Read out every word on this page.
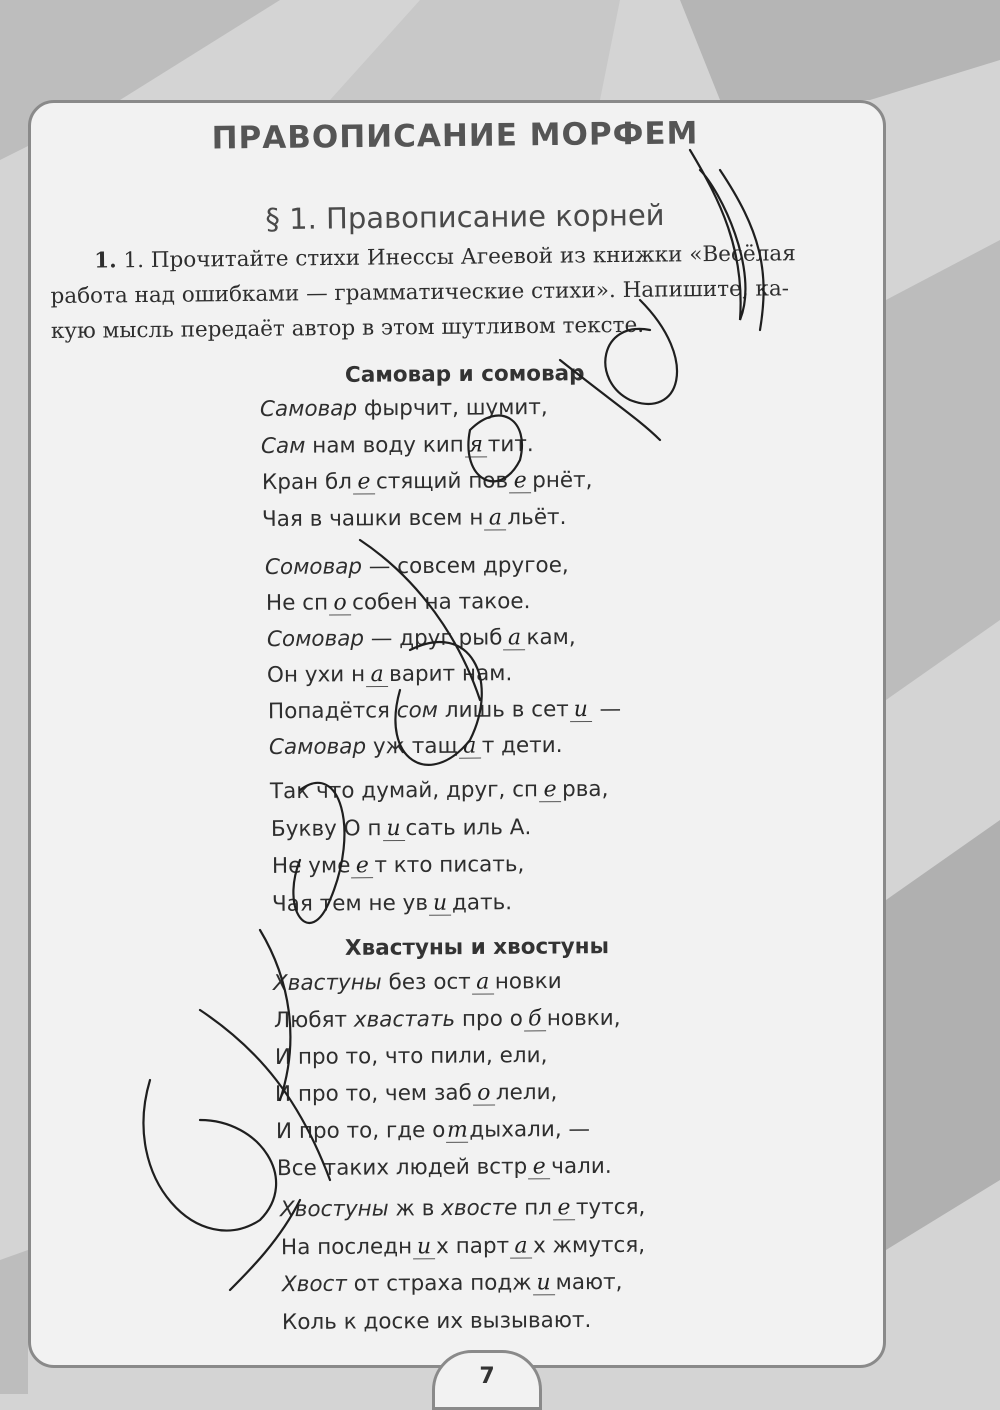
ПРАВОПИСАНИЕ МОРФЕМ
§ 1. Правописание корней
1. 1. Прочитайте стихи Инессы Агеевой из книжки «Весёлая
работа над ошибками — грамматические стихи». Напишите, ка-
кую мысль передаёт автор в этом шутливом тексте.
Самовар и сомовар
Хвастуны и хвостуны
Самовар фырчит, шумит,
Сам нам воду кип я тит.
Кран бл е стящий пов е рнёт,
Чая в чашки всем н а льёт.
Сомовар — совсем другое,
Не сп о собен на такое.
Сомовар — друг рыб а кам,
Он ухи н а варит нам.
Попадётся сом лишь в сет и —
Самовар уж тащ а т дети.
Так что думай, друг, сп е рва,
Букву О п и сать иль А.
Не уме е т кто писать,
Чая тем не ув и дать.
Хвастуны без ост а новки
Любят хвастать про о б новки,
И про то, что пили, ели,
И про то, чем заб о лели,
И про то, где отдыхали, —
Все таких людей встр е чали.
Хвостуны ж в хвосте пл е тутся,
На последн и х парт а х жмутся,
Хвост от страха подж и мают,
Коль к доске их вызывают.
7
